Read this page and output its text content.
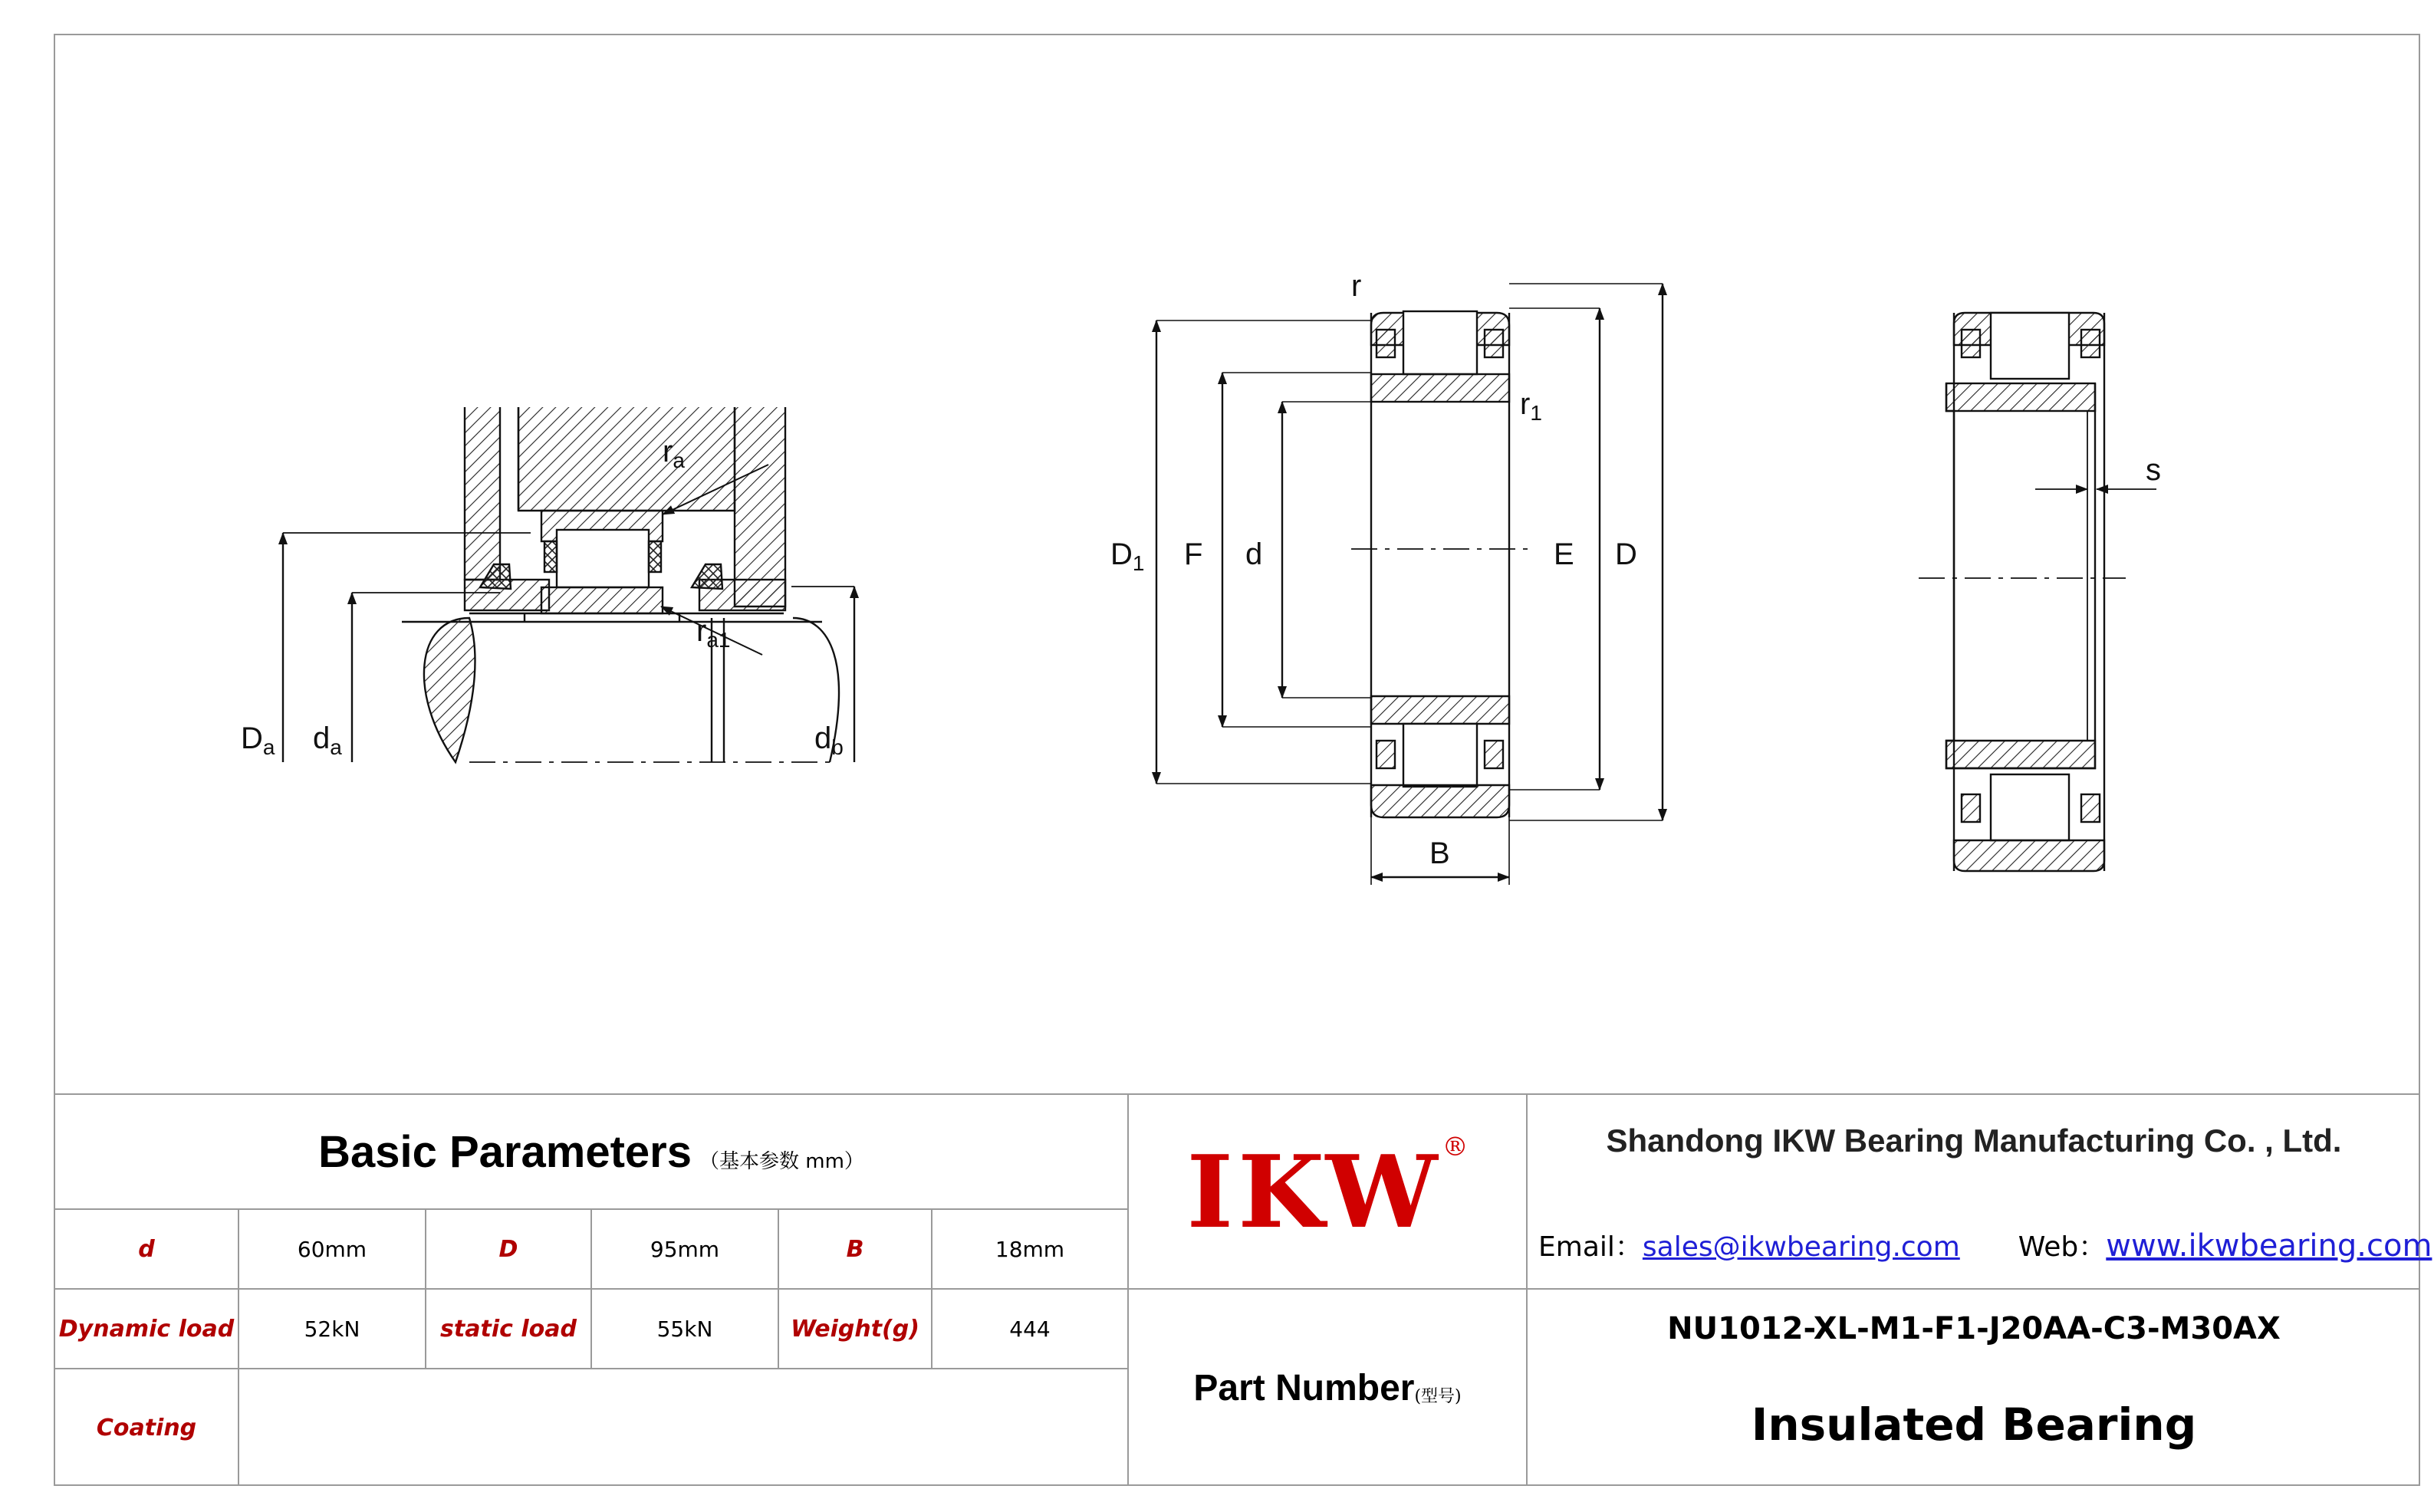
$D_a$ $d_a$	$d_b$
$r_a$
$r_{a1}$
$D_1$ F d	E D
B
r
$r_1$
s
Basic Parameters （基本参数 mm）
d	60mm	D	95mm	B	18mm
Dynamic load	52kN	static load	55kN	Weight(g)	444
Coating
IKW ®
Part Number (型号)
Shandong IKW Bearing Manufacturing Co. , Ltd.
Email：sales@ikwbearing.com Web：www.ikwbearing.com
NU1012-XL-M1-F1-J20AA-C3-M30AX
Insulated Bearing
